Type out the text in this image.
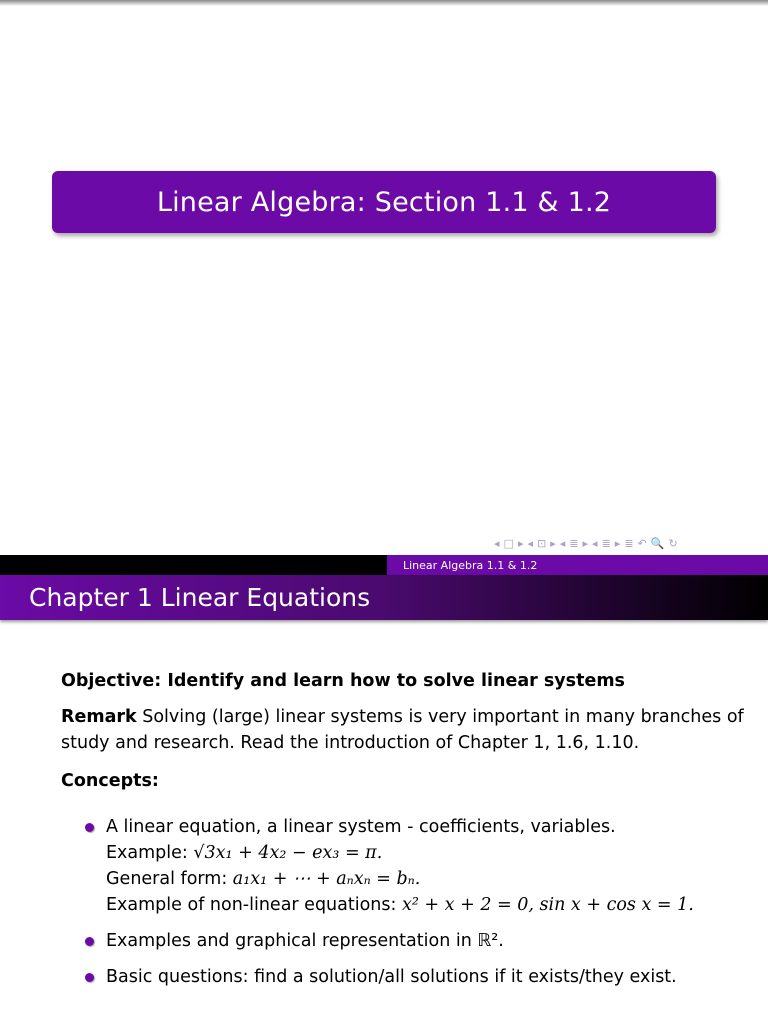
Linear Algebra: Section 1.1 & 1.2
◂ □ ▸ ◂ ⊡ ▸ ◂ ≣ ▸ ◂ ≣ ▸ ≣ ↶ 🔍 ↻
Linear Algebra 1.1 & 1.2
Chapter 1 Linear Equations
Objective: Identify and learn how to solve linear systems
Remark Solving (large) linear systems is very important in many branches of study and research. Read the introduction of Chapter 1, 1.6, 1.10.
Concepts:
A linear equation, a linear system - coefficients, variables.
Example: √3x₁ + 4x₂ − ex₃ = π.
General form: a₁x₁ + ⋯ + aₙxₙ = bₙ.
Example of non-linear equations: x² + x + 2 = 0, sin x + cos x = 1.
Examples and graphical representation in ℝ².
Basic questions: find a solution/all solutions if it exists/they exist.
